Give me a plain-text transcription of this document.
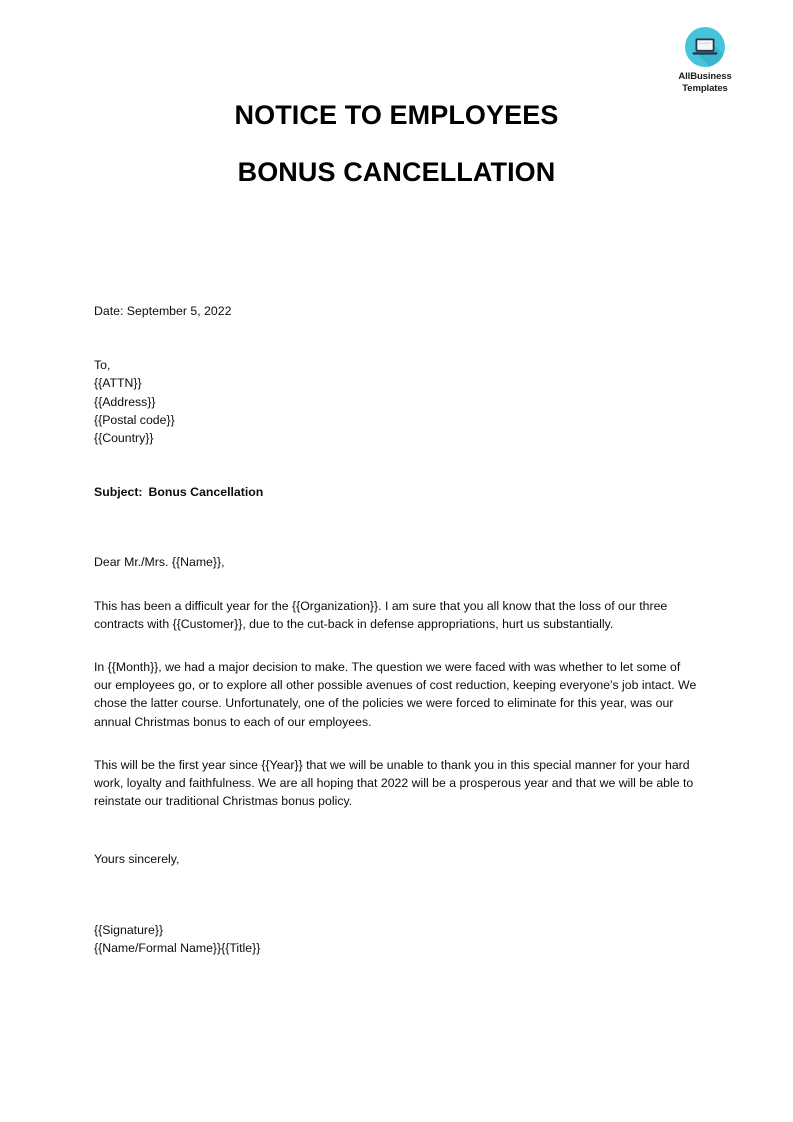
AllBusiness
Templates
NOTICE TO EMPLOYEES
BONUS CANCELLATION

Date: September 5, 2022

To,
{{ATTN}}
{{Address}}
{{Postal code}}
{{Country}}

Subject: Bonus Cancellation

Dear Mr./Mrs. {{Name}},

This has been a difficult year for the {{Organization}}. I am sure that you all know that the loss of our three contracts with {{Customer}}, due to the cut-back in defense appropriations, hurt us substantially.

In {{Month}}, we had a major decision to make. The question we were faced with was whether to let some of our employees go, or to explore all other possible avenues of cost reduction, keeping everyone's job intact. We chose the latter course. Unfortunately, one of the policies we were forced to eliminate for this year, was our annual Christmas bonus to each of our employees.

This will be the first year since {{Year}} that we will be unable to thank you in this special manner for your hard work, loyalty and faithfulness. We are all hoping that 2022 will be a prosperous year and that we will be able to reinstate our traditional Christmas bonus policy.

Yours sincerely,

{{Signature}}
{{Name/Formal Name}}{{Title}}
